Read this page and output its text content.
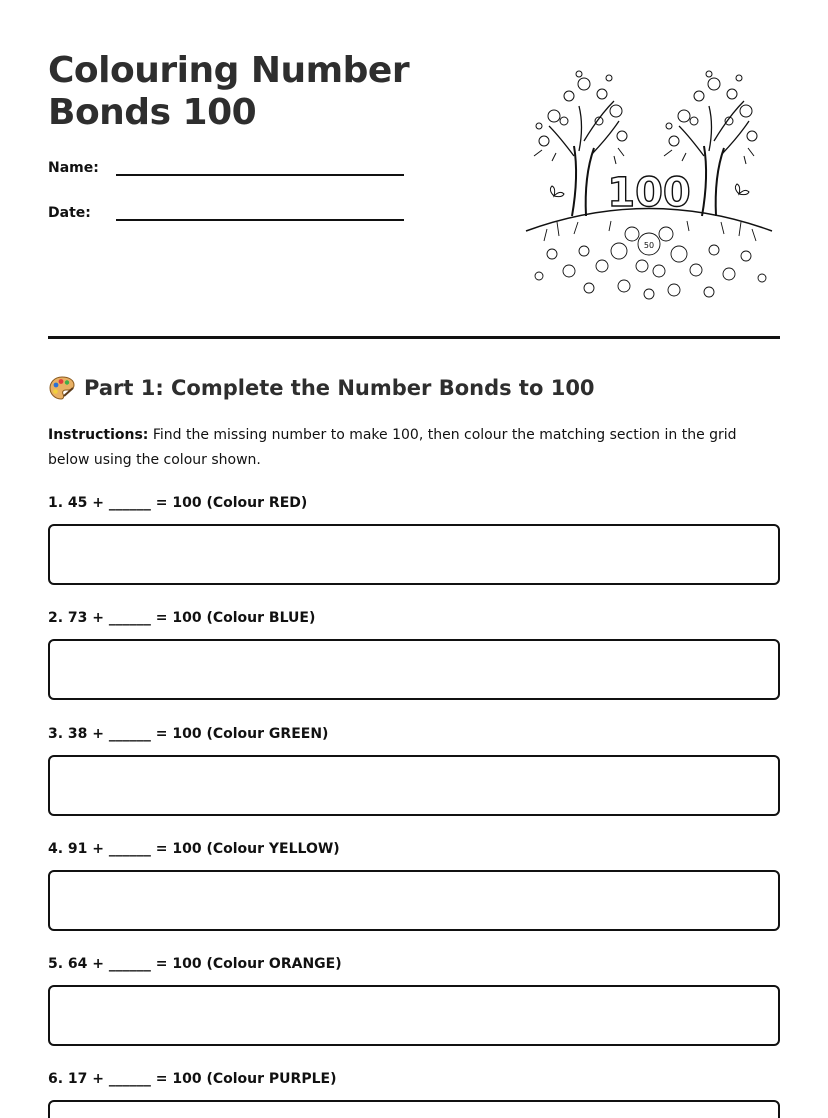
Colouring Number
Bonds 100
Name:
Date:	100
50
Part 1: Complete the Number Bonds to 100
Instructions: Find the missing number to make 100, then colour the matching section in the grid below using the colour shown.
1. 45 + ______ = 100 (Colour RED)
2. 73 + ______ = 100 (Colour BLUE)
3. 38 + ______ = 100 (Colour GREEN)
4. 91 + ______ = 100 (Colour YELLOW)
5. 64 + ______ = 100 (Colour ORANGE)
6. 17 + ______ = 100 (Colour PURPLE)
